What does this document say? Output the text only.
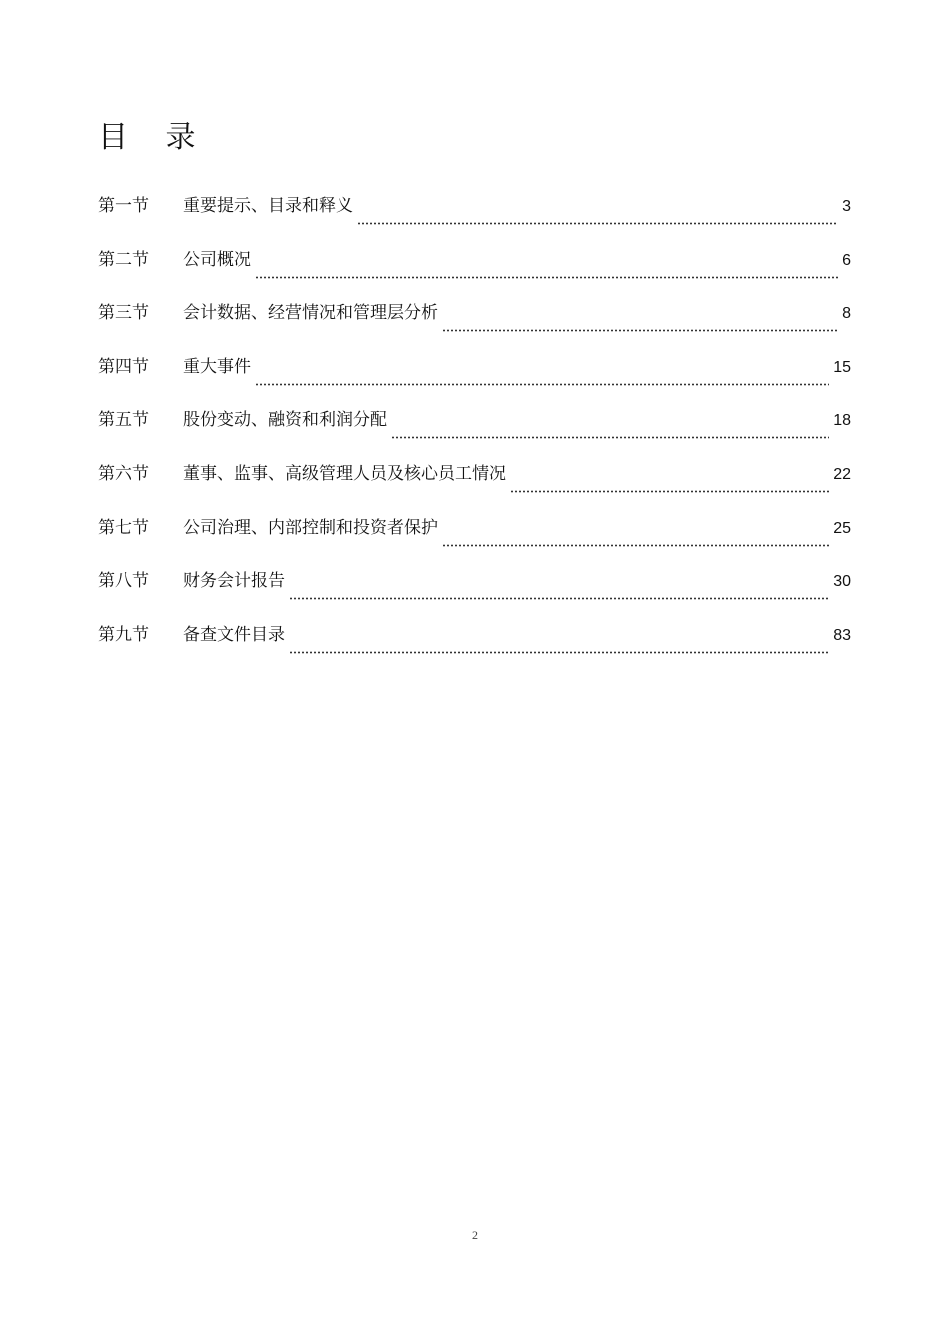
目 录
第一节	重要提示、目录和释义	3
第二节	公司概况	6
第三节	会计数据、经营情况和管理层分析	8
第四节	重大事件	15
第五节	股份变动、融资和利润分配	18
第六节	董事、监事、高级管理人员及核心员工情况	22
第七节	公司治理、内部控制和投资者保护	25
第八节	财务会计报告	30
第九节	备查文件目录	83
2
